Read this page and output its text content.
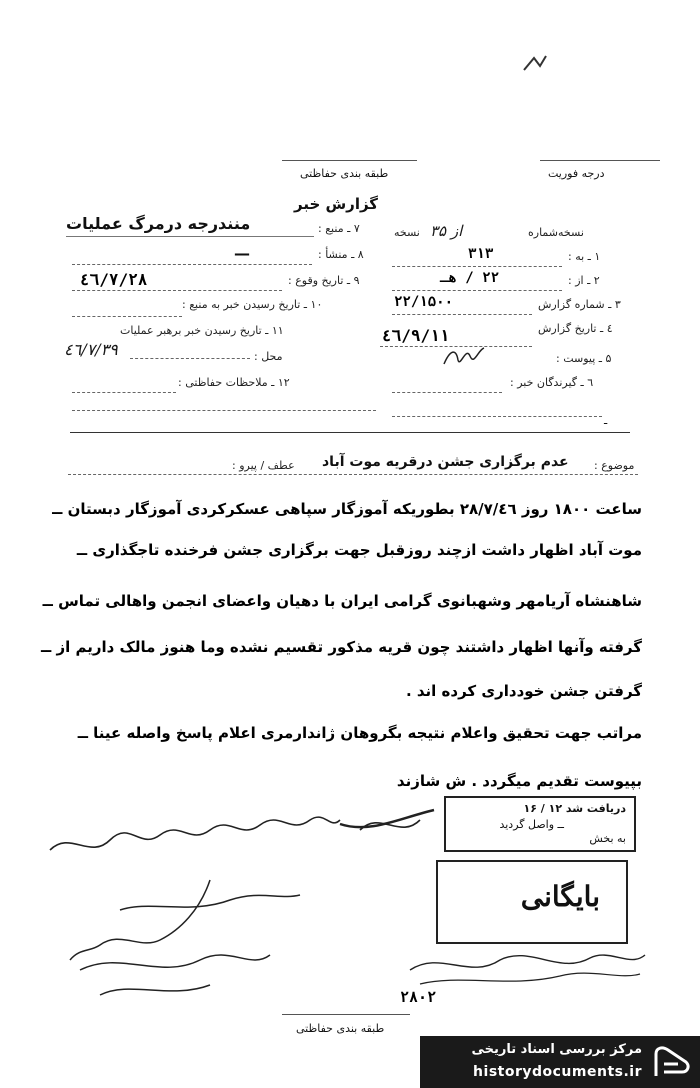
درجه فوریت
طبقه بندی حفاظتی
گزارش خبر
نسخه‌شماره
از ۳۵
نسخه
۱ ـ به :
۳۱۳
۲ ـ از :
۲۲ / هـ
۳ ـ شماره گزارش
۲۲/۱۵۰۰
٤ ـ تاریخ گزارش
٤٦/٩/١١
۵ ـ پیوست :
٦ ـ گیرندگان خبر :
ـ
۷ ـ منبع :
منندرجه درمرگ عملیات
۸ ـ منشأ :
—
۹ ـ تاریخ وقوع :
٤٦/٧/٢٨
۱۰ ـ تاریخ رسیدن خبر به منبع :
۱۱ ـ تاریخ رسیدن خبر برهبر عملیات
٤٦/٧/٣٩	محل :
۱۲ ـ ملاحظات حفاظتی :
موضوع :
عدم برگزاری جشن درقریه موت آباد
عطف / پیرو :
ساعت ۱۸۰۰ روز ۲۸/۷/٤٦ بطوریکه آموزگار سپاهی عسکرکردی آموزگار دبستان ــ
موت آباد اظهار داشت ازچند روزقبل جهت برگزاری جشن فرخنده تاجگذاری ــ
شاهنشاه آریامهر وشهبانوی گرامی ایران با دهیان واعضای انجمن واهالی تماس ــ
گرفته وآنها اظهار داشتند چون قریه مذکور تقسیم نشده وما هنوز مالک داریم از ــ
گرفتن جشن خودداری کرده اند .
مراتب جهت تحقیق واعلام نتیجه بگروهان ژاندارمری اعلام پاسخ واصله عینا ــ
بپیوست تقدیم میگردد . ش شازند
دریافت شد ۱۲ / ۱۶
ــ واصل گردید
به بخش
بایگانی
۲۸۰۲
طبقه بندی حفاظتی
مرکز بررسی اسناد تاریخی
historydocuments.ir
